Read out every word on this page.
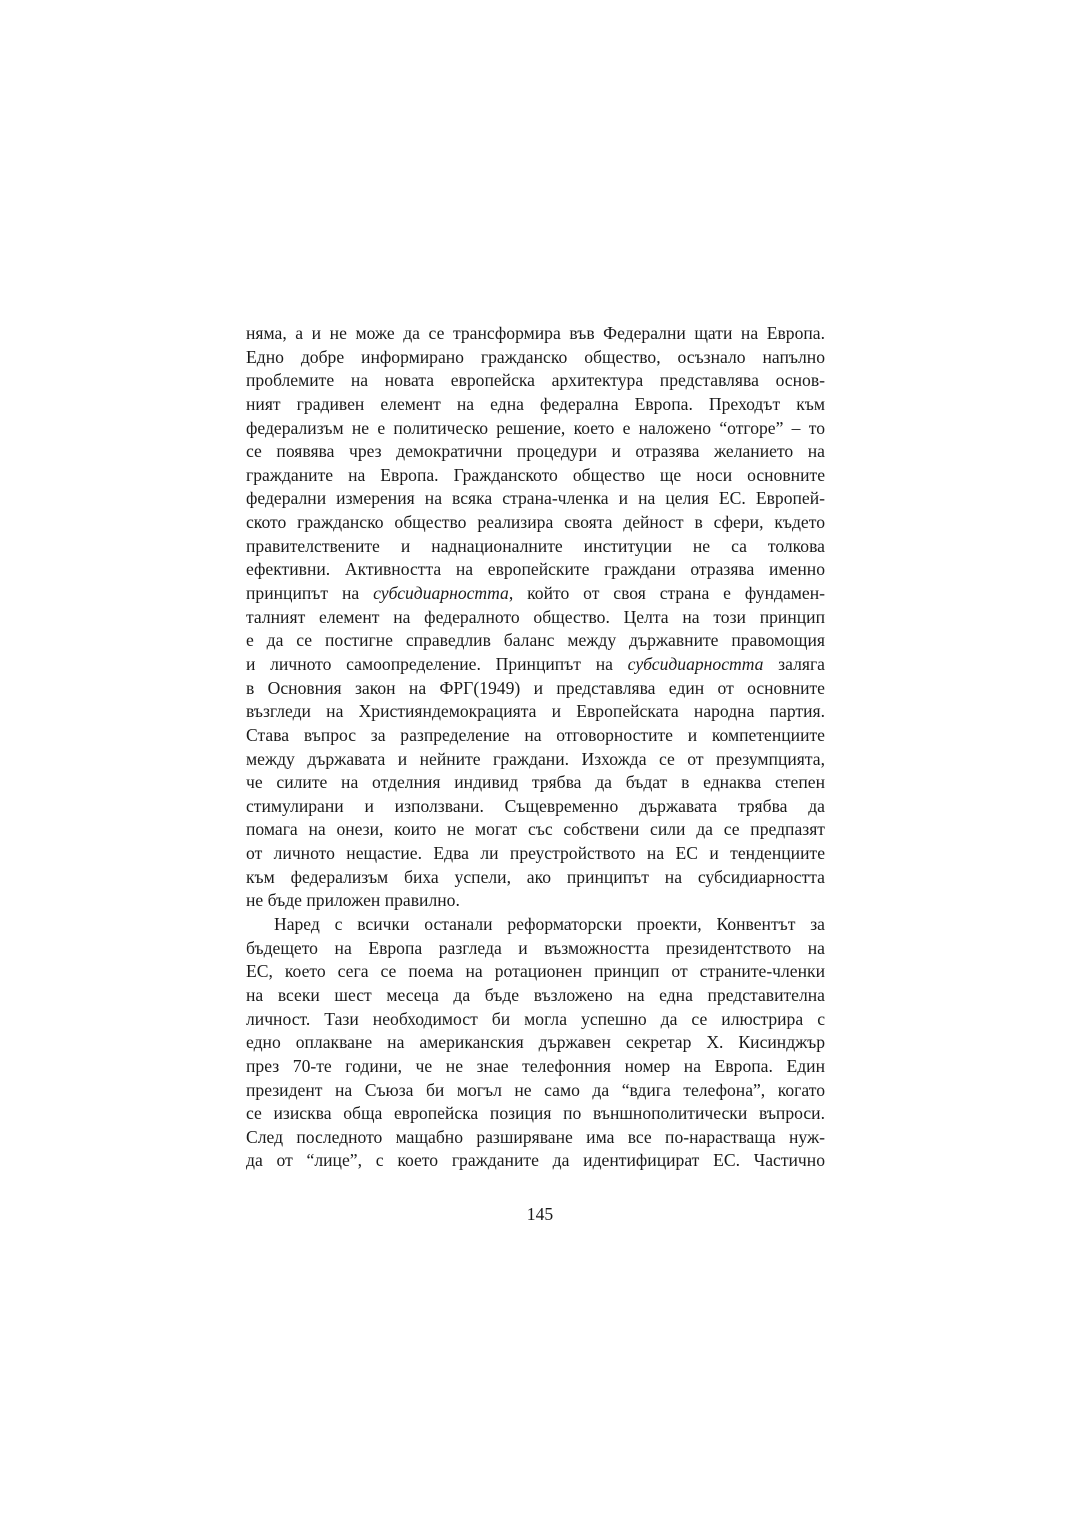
няма, а и не може да се трансформира във Федерални щати на Европа.
Едно добре информирано гражданско общество, осъзнало напълно
проблемите на новата европейска архитектура представлява основ-
ният градивен елемент на една федерална Европа. Преходът към
федерализъм не е политическо решение, което е наложено “отгоре” – то
се появява чрез демократични процедури и отразява желанието на
гражданите на Европа. Гражданското общество ще носи основните
федерални измерения на всяка страна-членка и на целия ЕС. Европей-
ското гражданско общество реализира своята дейност в сфери, където
правителствените и наднационалните институции не са толкова
ефективни. Активността на европейските граждани отразява именно
принципът на субсидиарността, който от своя страна е фундамен-
талният елемент на федералното общество. Целта на този принцип
е да се постигне справедлив баланс между държавните правомощия
и личното самоопределение. Принципът на субсидиарността заляга
в Основния закон на ФРГ(1949) и представлява един от основните
възгледи на Християндемокрацията и Европейската народна партия.
Става въпрос за разпределение на отговорностите и компетенциите
между държавата и нейните граждани. Изхожда се от презумпцията,
че силите на отделния индивид трябва да бъдат в еднаква степен
стимулирани и използвани. Същевременно държавата трябва да
помага на онези, които не могат със собствени сили да се предпазят
от личното нещастие. Едва ли преустройството на ЕС и тенденциите
към федерализъм биха успели, ако принципът на субсидиарността
не бъде приложен правилно.
Наред с всички останали реформаторски проекти, Конвентът за
бъдещето на Европа разгледа и възможността президентството на
ЕС, което сега се поема на ротационен принцип от страните-членки
на всеки шест месеца да бъде възложено на една представителна
личност. Тази необходимост би могла успешно да се илюстрира с
едно оплакване на американския държавен секретар Х. Кисинджър
през 70-те години, че не знае телефонния номер на Европа. Един
президент на Съюза би могъл не само да “вдига телефона”, когато
се изисква обща европейска позиция по външнополитически въпроси.
След последното мащабно разширяване има все по-нарастваща нуж-
да от “лице”, с което гражданите да идентифицират ЕС. Частично
145
